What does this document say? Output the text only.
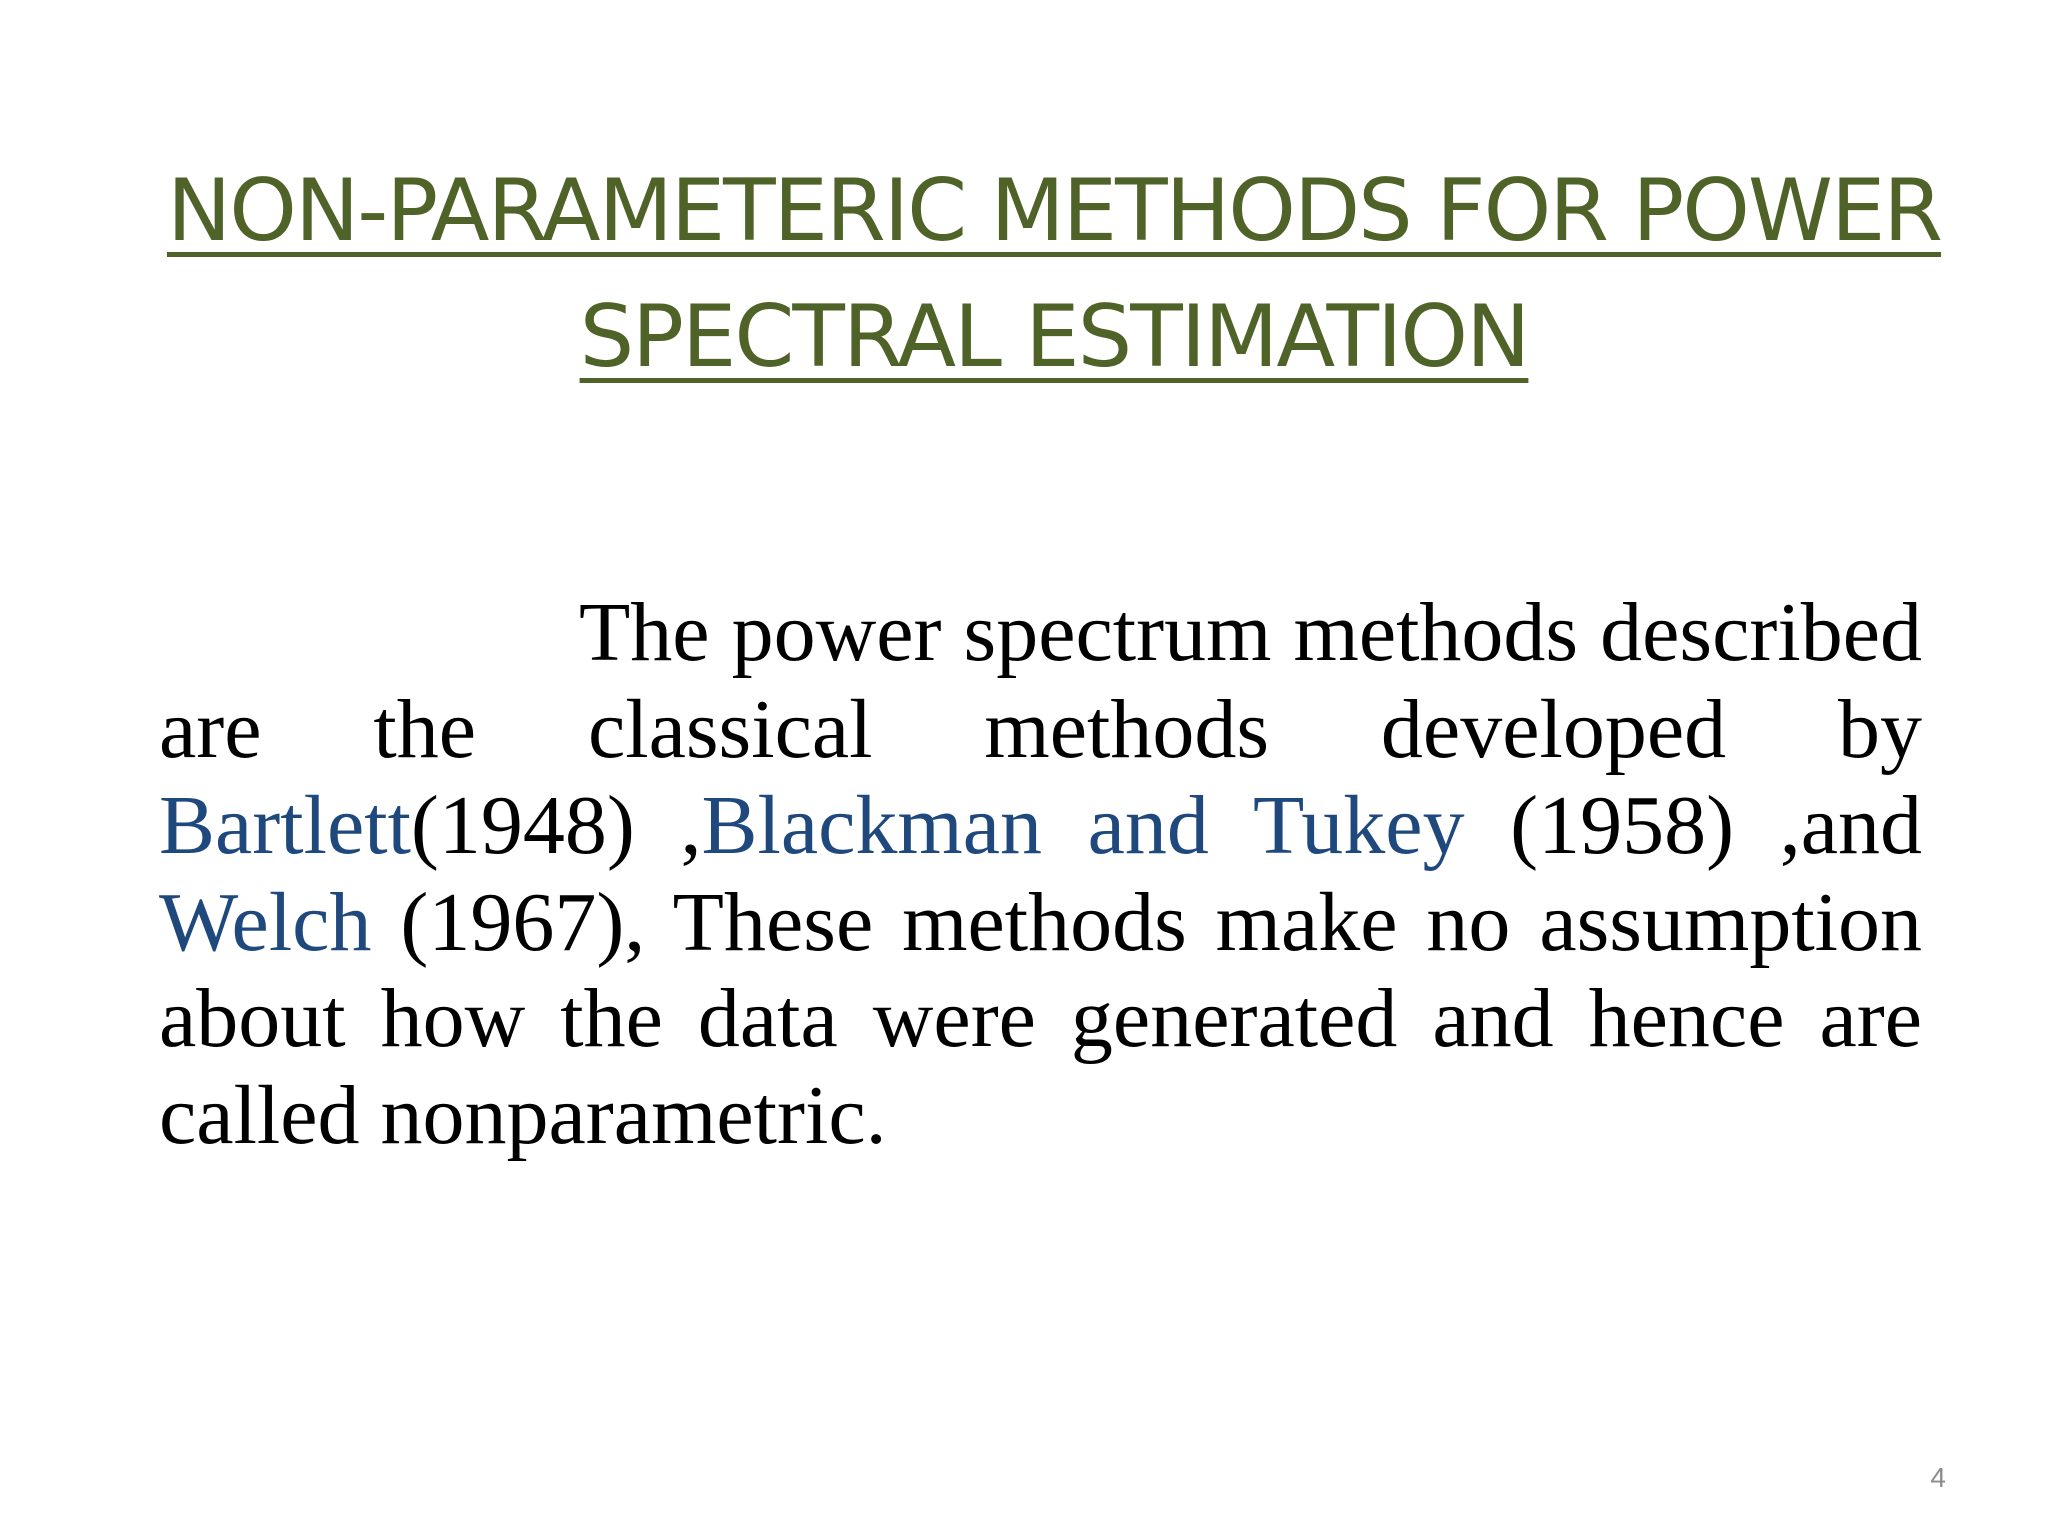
NON-PARAMETERIC METHODS FOR POWER SPECTRAL ESTIMATION

The power spectrum methods described are the classical methods developed by Bartlett(1948) ,Blackman and Tukey (1958) ,and Welch (1967), These methods make no assumption about how the data were generated and hence are called nonparametric.

4
